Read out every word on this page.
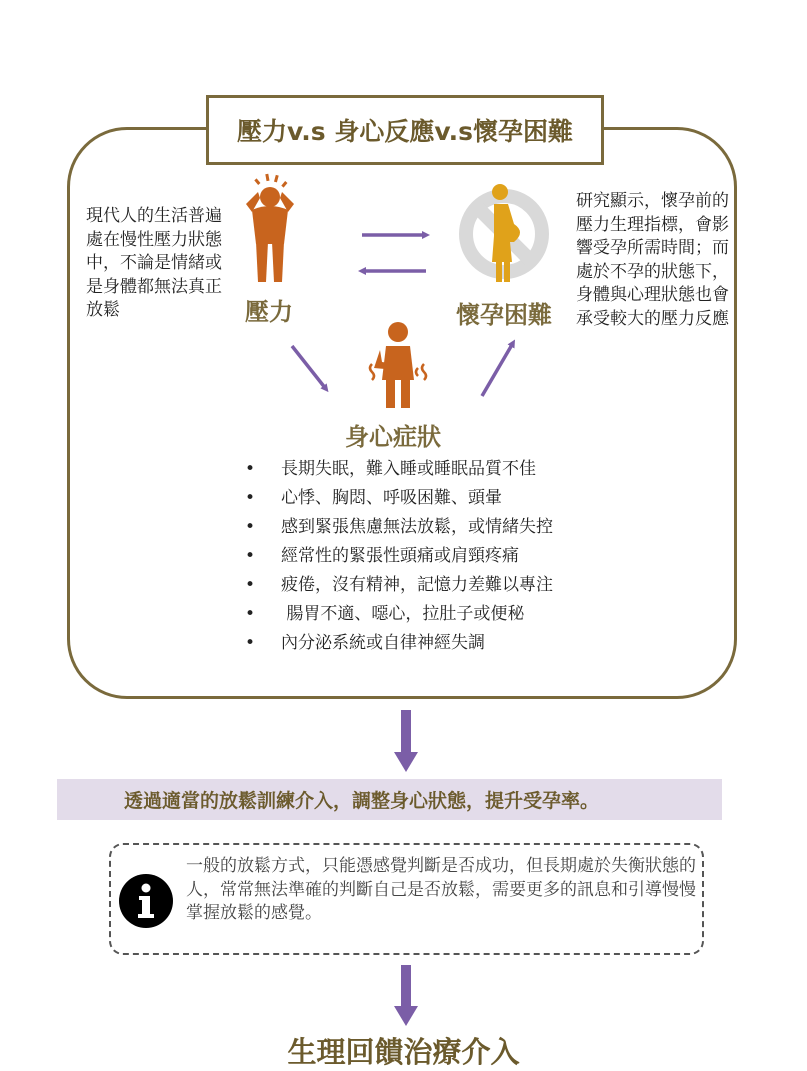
壓力v.s 身心反應v.s懷孕困難
現代人的生活普遍處在慢性壓力狀態中，不論是情緒或是身體都無法真正放鬆
研究顯示，懷孕前的壓力生理指標，會影響受孕所需時間；而處於不孕的狀態下，身體與心理狀態也會承受較大的壓力反應
壓力	懷孕困難
身心症狀
• 長期失眠，難入睡或睡眠品質不佳
• 心悸、胸悶、呼吸困難、頭暈
• 感到緊張焦慮無法放鬆，或情緒失控
• 經常性的緊張性頭痛或肩頸疼痛
• 疲倦，沒有精神，記憶力差難以專注
• 腸胃不適、噁心，拉肚子或便秘
• 內分泌系統或自律神經失調
透過適當的放鬆訓練介入，調整身心狀態，提升受孕率。
一般的放鬆方式，只能憑感覺判斷是否成功，但長期處於失衡狀態的人，常常無法準確的判斷自己是否放鬆，需要更多的訊息和引導慢慢掌握放鬆的感覺。
生理回饋治療介入
